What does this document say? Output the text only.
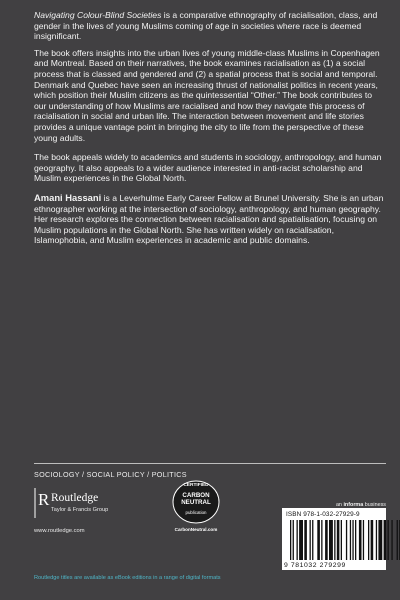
Navigating Colour-Blind Societies is a comparative ethnography of racialisation, class, and gender in the lives of young Muslims coming of age in societies where race is deemed insignificant.

The book offers insights into the urban lives of young middle-class Muslims in Copenhagen and Montreal. Based on their narratives, the book examines racialisation as (1) a social process that is classed and gendered and (2) a spatial process that is social and temporal. Denmark and Quebec have seen an increasing thrust of nationalist politics in recent years, which position their Muslim citizens as the quintessential “Other.” The book contributes to our understanding of how Muslims are racialised and how they navigate this process of racialisation in social and urban life. The interaction between movement and life stories provides a unique vantage point in bringing the city to life from the perspective of these young adults.

The book appeals widely to academics and students in sociology, anthropology, and human geography. It also appeals to a wider audience interested in anti-racist scholarship and Muslim experiences in the Global North.

Amani Hassani is a Leverhulme Early Career Fellow at Brunel University. She is an urban ethnographer working at the intersection of sociology, anthropology, and human geography. Her research explores the connection between racialisation and spatialisation, focusing on Muslim populations in the Global North. She has written widely on racialisation, Islamophobia, and Muslim experiences in academic and public domains.

SOCIOLOGY / SOCIAL POLICY / POLITICS
R Routledge
Taylor & Francis Group
www.routledge.com
CERTIFIED
CARBON
NEUTRAL
publication
CarbonNeutral.com
an informa business
ISBN 978-1-032-27929-9
9 781032 279299
Routledge titles are available as eBook editions in a range of digital formats
